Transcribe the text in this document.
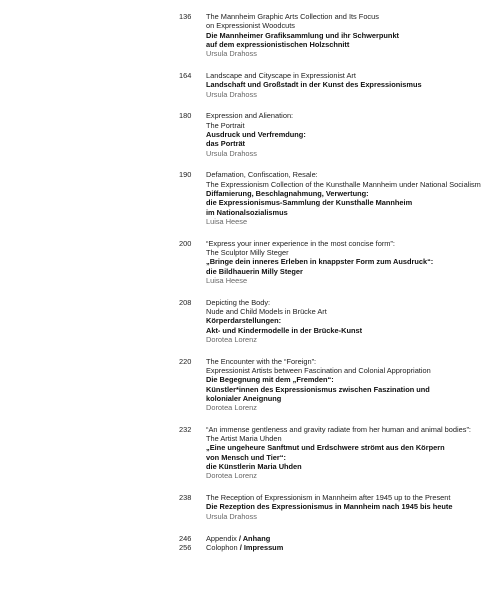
136 The Mannheim Graphic Arts Collection and Its Focus
on Expressionist Woodcuts
Die Mannheimer Grafiksammlung und ihr Schwerpunkt
auf dem expressionistischen Holzschnitt
Ursula Drahoss
164 Landscape and Cityscape in Expressionist Art
Landschaft und Großstadt in der Kunst des Expressionismus
Ursula Drahoss
180 Expression and Alienation:
The Portrait
Ausdruck und Verfremdung:
das Porträt
Ursula Drahoss
190 Defamation, Confiscation, Resale:
The Expressionism Collection of the Kunsthalle Mannheim under National Socialism
Diffamierung, Beschlagnahmung, Verwertung:
die Expressionismus-Sammlung der Kunsthalle Mannheim
im Nationalsozialismus
Luisa Heese
200 “Express your inner experience in the most concise form”:
The Sculptor Milly Steger
„Bringe dein inneres Erleben in knappster Form zum Ausdruck“:
die Bildhauerin Milly Steger
Luisa Heese
208 Depicting the Body:
Nude and Child Models in Brücke Art
Körperdarstellungen:
Akt- und Kindermodelle in der Brücke-Kunst
Dorotea Lorenz
220 The Encounter with the “Foreign”:
Expressionist Artists between Fascination and Colonial Appropriation
Die Begegnung mit dem „Fremden“:
Künstler*innen des Expressionismus zwischen Faszination und
kolonialer Aneignung
Dorotea Lorenz
232 “An immense gentleness and gravity radiate from her human and animal bodies”:
The Artist Maria Uhden
„Eine ungeheure Sanftmut und Erdschwere strömt aus den Körpern
von Mensch und Tier“:
die Künstlerin Maria Uhden
Dorotea Lorenz
238 The Reception of Expressionism in Mannheim after 1945 up to the Present
Die Rezeption des Expressionismus in Mannheim nach 1945 bis heute
Ursula Drahoss
246 Appendix / Anhang
256 Colophon / Impressum
